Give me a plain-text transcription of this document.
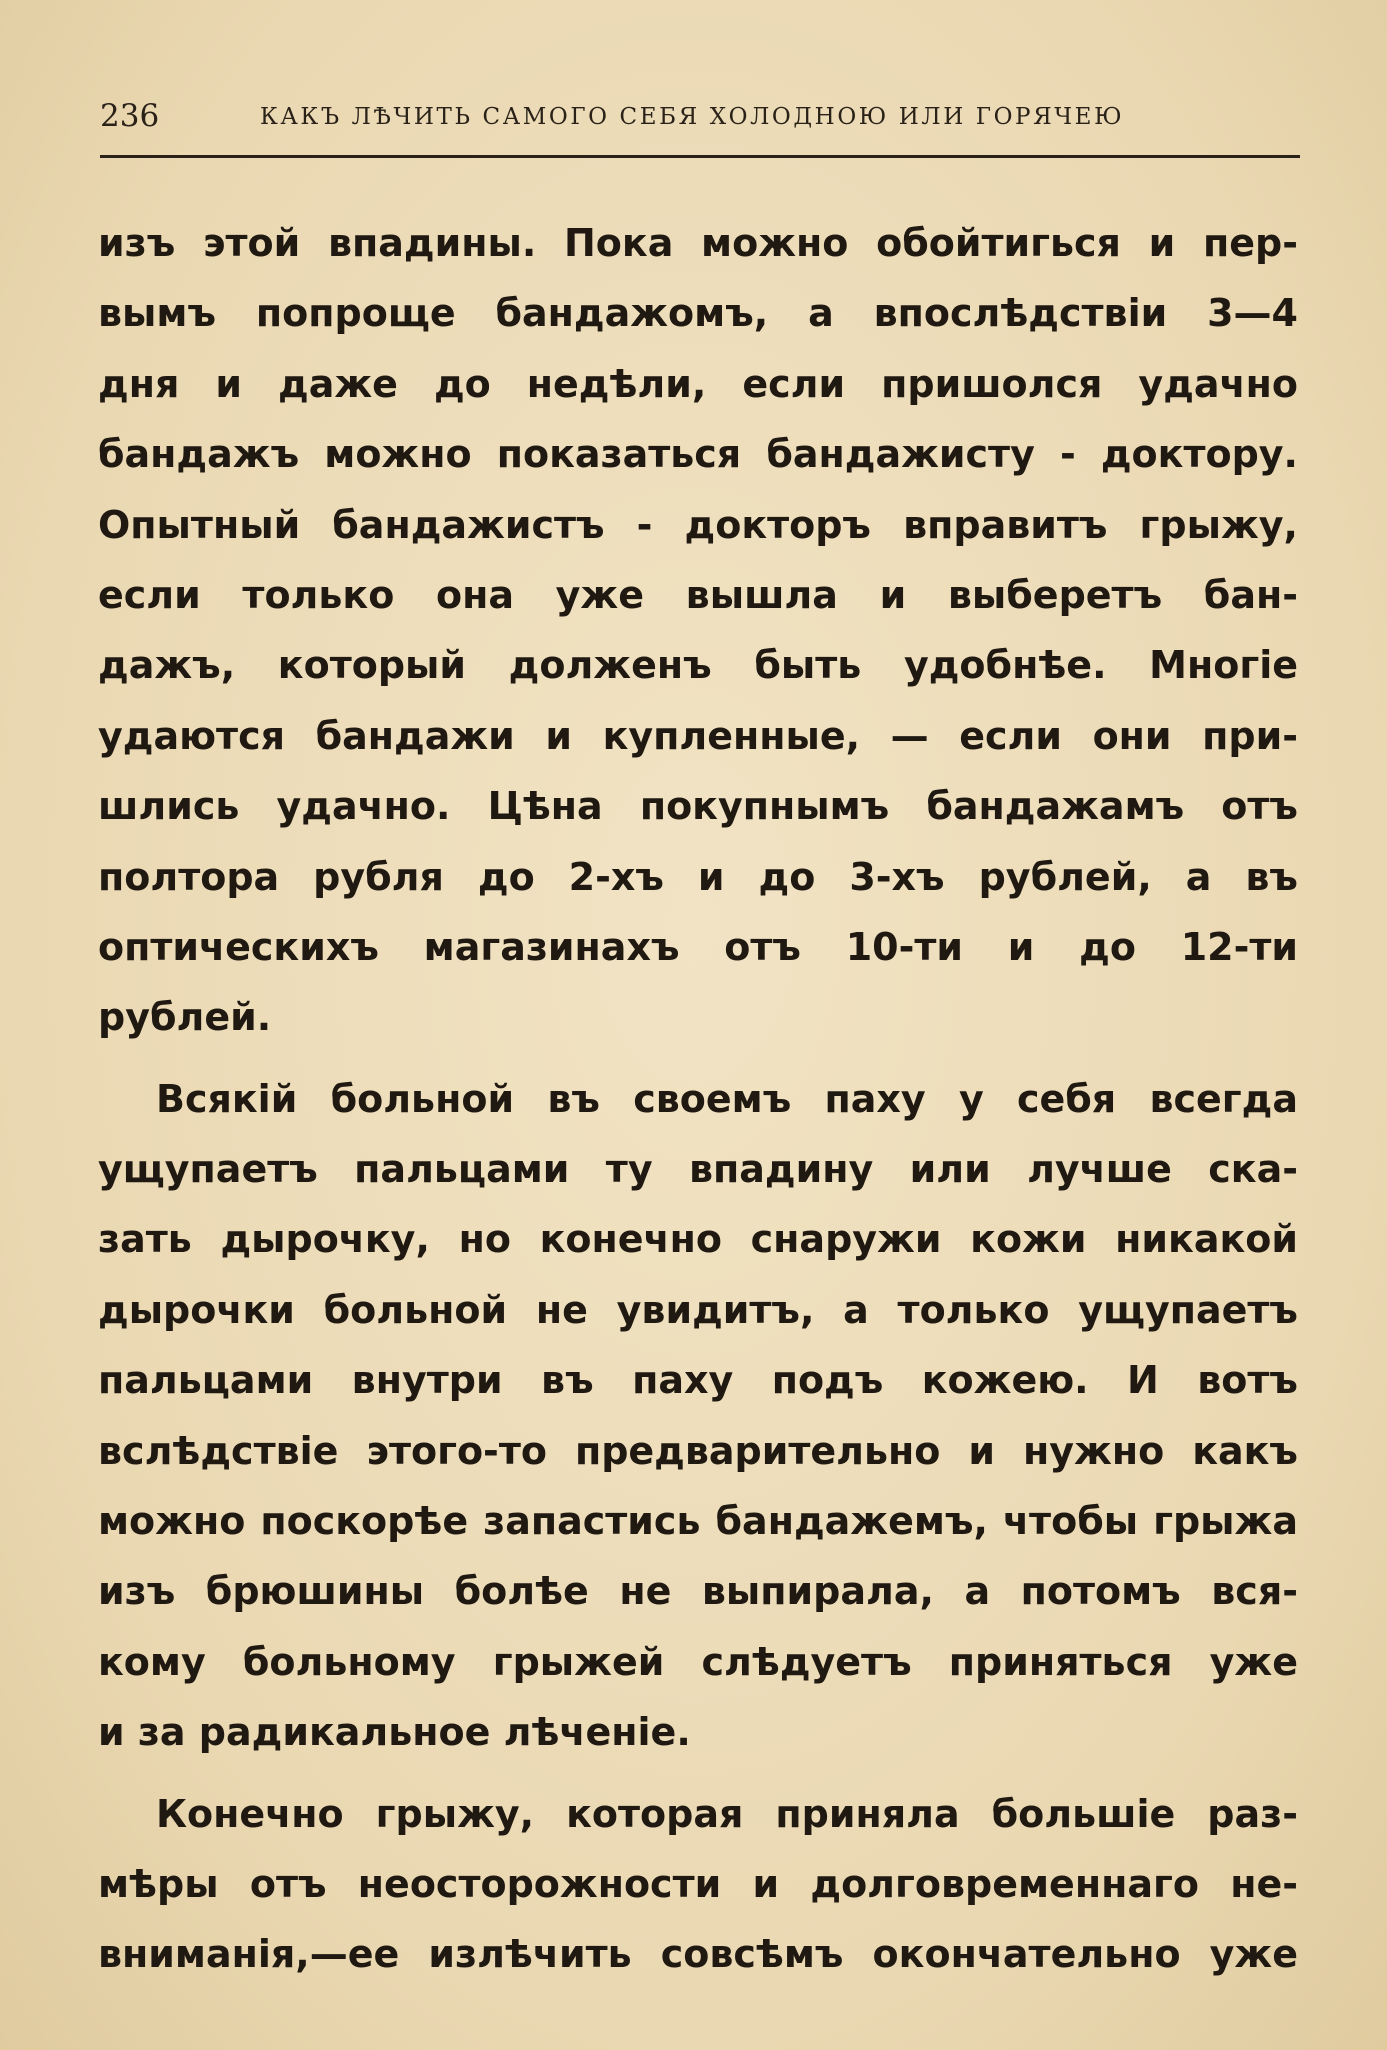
236	КАКЪ ЛѢЧИТЬ САМОГО СЕБЯ ХОЛОДНОЮ ИЛИ ГОРЯЧЕЮ
изъ этой впадины. Пока можно обойтигься и пер-
вымъ попроще бандажомъ, а впослѣдствіи 3—4
дня и даже до недѣли, если пришолся удачно
бандажъ можно показаться бандажисту - доктору.
Опытный бандажистъ - докторъ вправитъ грыжу,
если только она уже вышла и выберетъ бан-
дажъ, который долженъ быть удобнѣе. Многіе
удаются бандажи и купленные, — если они при-
шлись удачно. Цѣна покупнымъ бандажамъ отъ
полтора рубля до 2-хъ и до 3-хъ рублей, а въ
оптическихъ магазинахъ отъ 10-ти и до 12-ти
рублей.
Всякій больной въ своемъ паху у себя всегда
ущупаетъ пальцами ту впадину или лучше ска-
зать дырочку, но конечно снаружи кожи никакой
дырочки больной не увидитъ, а только ущупаетъ
пальцами внутри въ паху подъ кожею. И вотъ
вслѣдствіе этого-то предварительно и нужно какъ
можно поскорѣе запастись бандажемъ, чтобы грыжа
изъ брюшины болѣе не выпирала, а потомъ вся-
кому больному грыжей слѣдуетъ приняться уже
и за радикальное лѣченіе.
Конечно грыжу, которая приняла большіе раз-
мѣры отъ неосторожности и долговременнаго не-
вниманія,—ее излѣчить совсѣмъ окончательно уже
